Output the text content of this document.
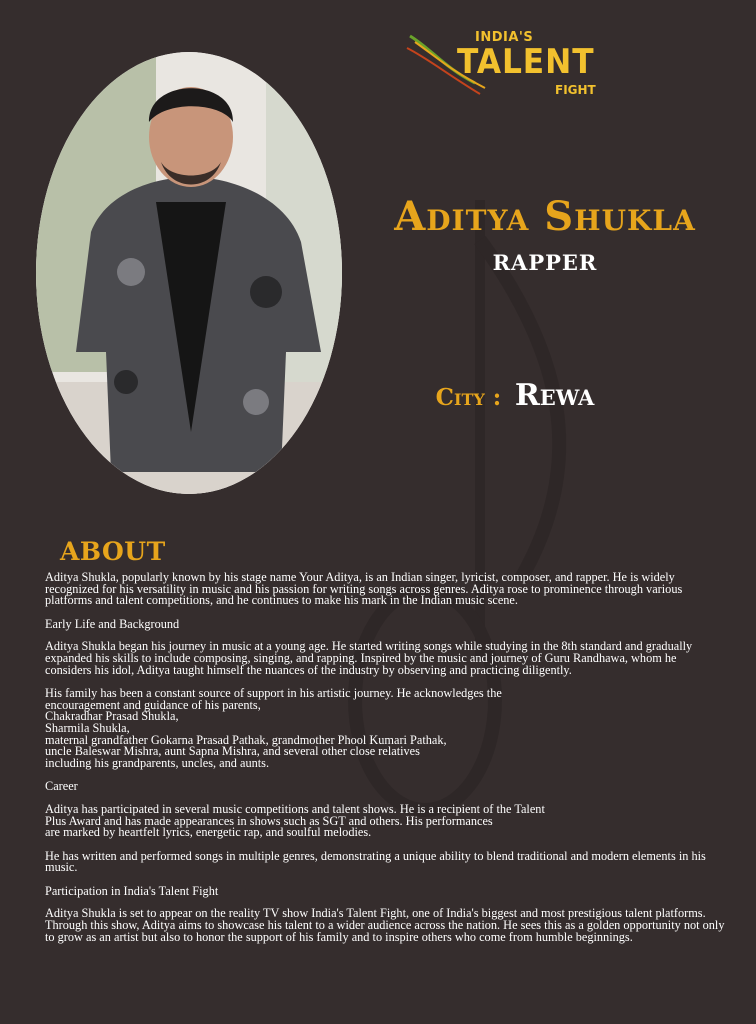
INDIA'S
TALENT
FIGHT
Aditya Shukla
RAPPER
City : Rewa
ABOUT

Aditya Shukla, popularly known by his stage name Your Aditya, is an Indian singer, lyricist, composer, and rapper. He is widely recognized for his versatility in music and his passion for writing songs across genres. Aditya rose to prominence through various platforms and talent competitions, and he continues to make his mark in the Indian music scene.

Early Life and Background

Aditya Shukla began his journey in music at a young age. He started writing songs while studying in the 8th standard and gradually expanded his skills to include composing, singing, and rapping. Inspired by the music and journey of Guru Randhawa, whom he considers his idol, Aditya taught himself the nuances of the industry by observing and practicing diligently.

His family has been a constant source of support in his artistic journey. He acknowledges the
encouragement and guidance of his parents,
Chakradhar Prasad Shukla,
Sharmila Shukla,
maternal grandfather Gokarna Prasad Pathak, grandmother Phool Kumari Pathak,
uncle Baleswar Mishra, aunt Sapna Mishra, and several other close relatives
including his grandparents, uncles, and aunts.

Career

Aditya has participated in several music competitions and talent shows. He is a recipient of the Talent
Plus Award and has made appearances in shows such as SGT and others. His performances
are marked by heartfelt lyrics, energetic rap, and soulful melodies.

He has written and performed songs in multiple genres, demonstrating a unique ability to blend traditional and modern elements in his music.

Participation in India's Talent Fight

Aditya Shukla is set to appear on the reality TV show India's Talent Fight, one of India's biggest and most prestigious talent platforms. Through this show, Aditya aims to showcase his talent to a wider audience across the nation. He sees this as a golden opportunity not only to grow as an artist but also to honor the support of his family and to inspire others who come from humble beginnings.
